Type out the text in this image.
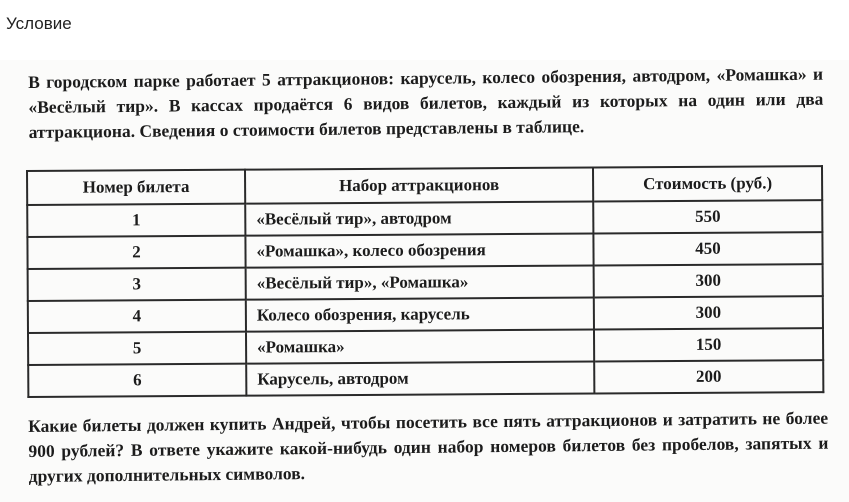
Условие
В городском парке работает 5 аттракционов: карусель, колесо обозрения, автодром, «Ромашка» и «Весёлый тир». В кассах продаётся 6 видов билетов, каждый из которых на один или два аттракциона. Сведения о стоимости билетов представлены в таблице.
Номер билета	Набор аттракционов	Стоимость (руб.)
1	«Весёлый тир», автодром	550
2	«Ромашка», колесо обозрения	450
3	«Весёлый тир», «Ромашка»	300
4	Колесо обозрения, карусель	300
5	«Ромашка»	150
6	Карусель, автодром	200
Какие билеты должен купить Андрей, чтобы посетить все пять аттракционов и затратить не более 900 рублей? В ответе укажите какой-нибудь один набор номеров билетов без пробелов, запятых и других дополнительных символов.
